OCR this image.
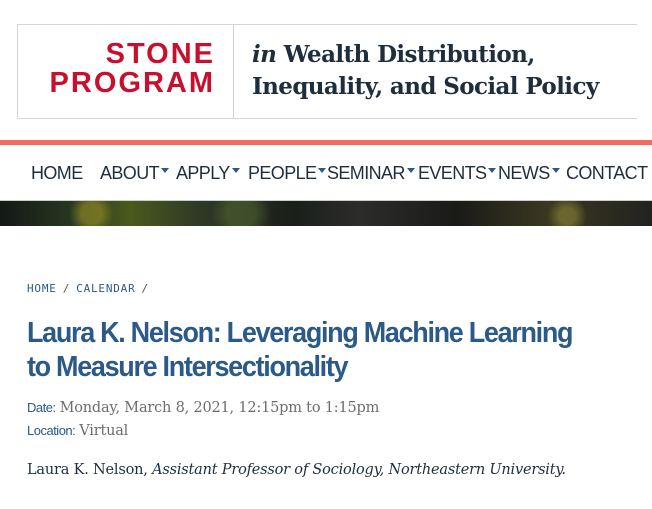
STONE
PROGRAM
in Wealth Distribution,
Inequality, and Social Policy
HOME ABOUT APPLY PEOPLE SEMINAR EVENTS NEWS CONTACT
HOME / CALENDAR /
Laura K. Nelson: Leveraging Machine Learning to Measure Intersectionality
Date: Monday, March 8, 2021, 12:15pm to 1:15pm
Location: Virtual

Laura K. Nelson, Assistant Professor of Sociology, Northeastern University.
